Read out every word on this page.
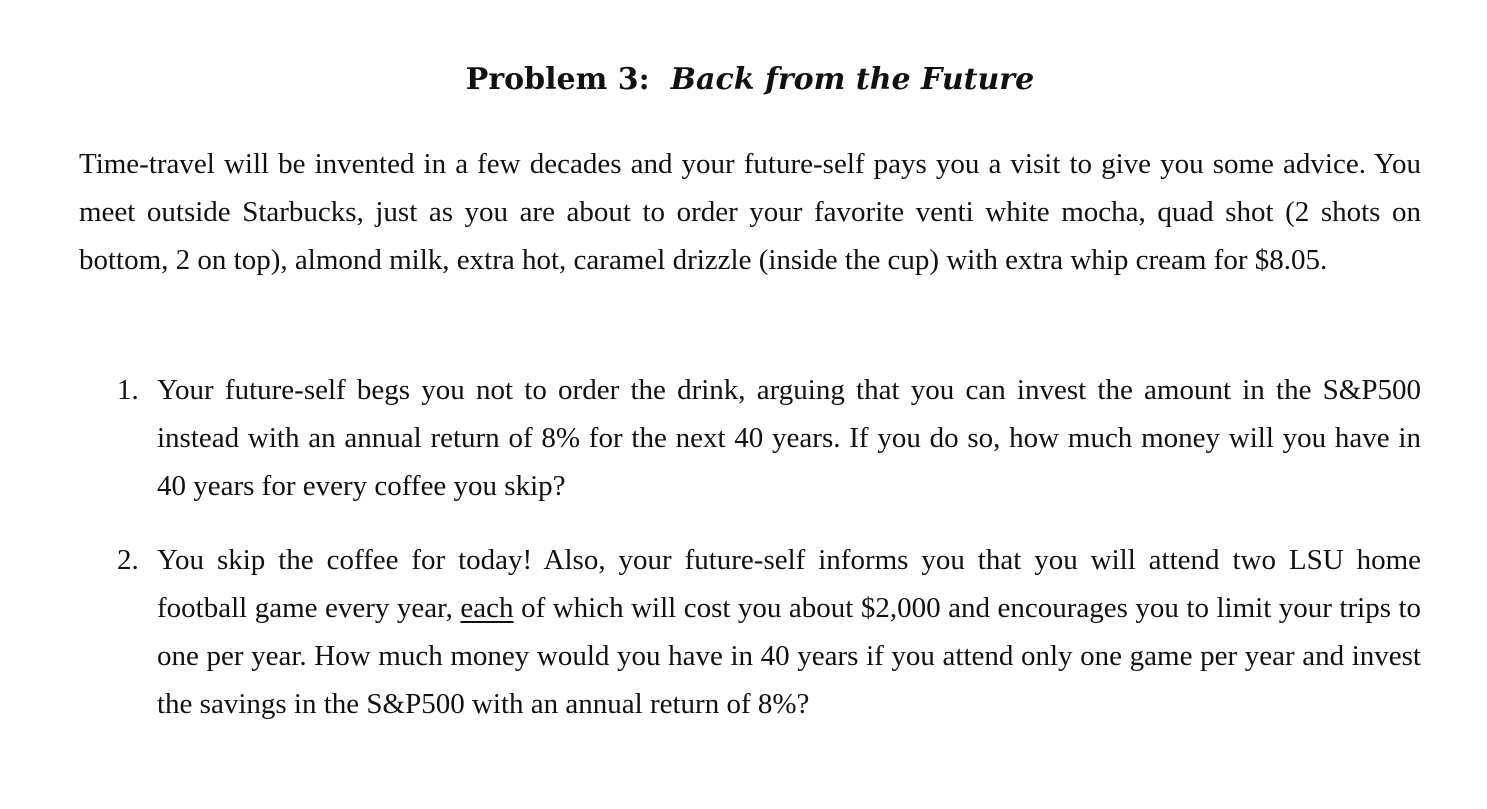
Problem 3: Back from the Future

Time-travel will be invented in a few decades and your future-self pays you a visit to give you some advice. You meet outside Starbucks, just as you are about to order your favorite venti white mocha, quad shot (2 shots on bottom, 2 on top), almond milk, extra hot, caramel drizzle (inside the cup) with extra whip cream for $8.05.

1. Your future-self begs you not to order the drink, arguing that you can invest the amount in the S&P500 instead with an annual return of 8% for the next 40 years. If you do so, how much money will you have in 40 years for every coffee you skip?
2. You skip the coffee for today! Also, your future-self informs you that you will attend two LSU home football game every year, each of which will cost you about $2,000 and encourages you to limit your trips to one per year. How much money would you have in 40 years if you attend only one game per year and invest the savings in the S&P500 with an annual return of 8%?
